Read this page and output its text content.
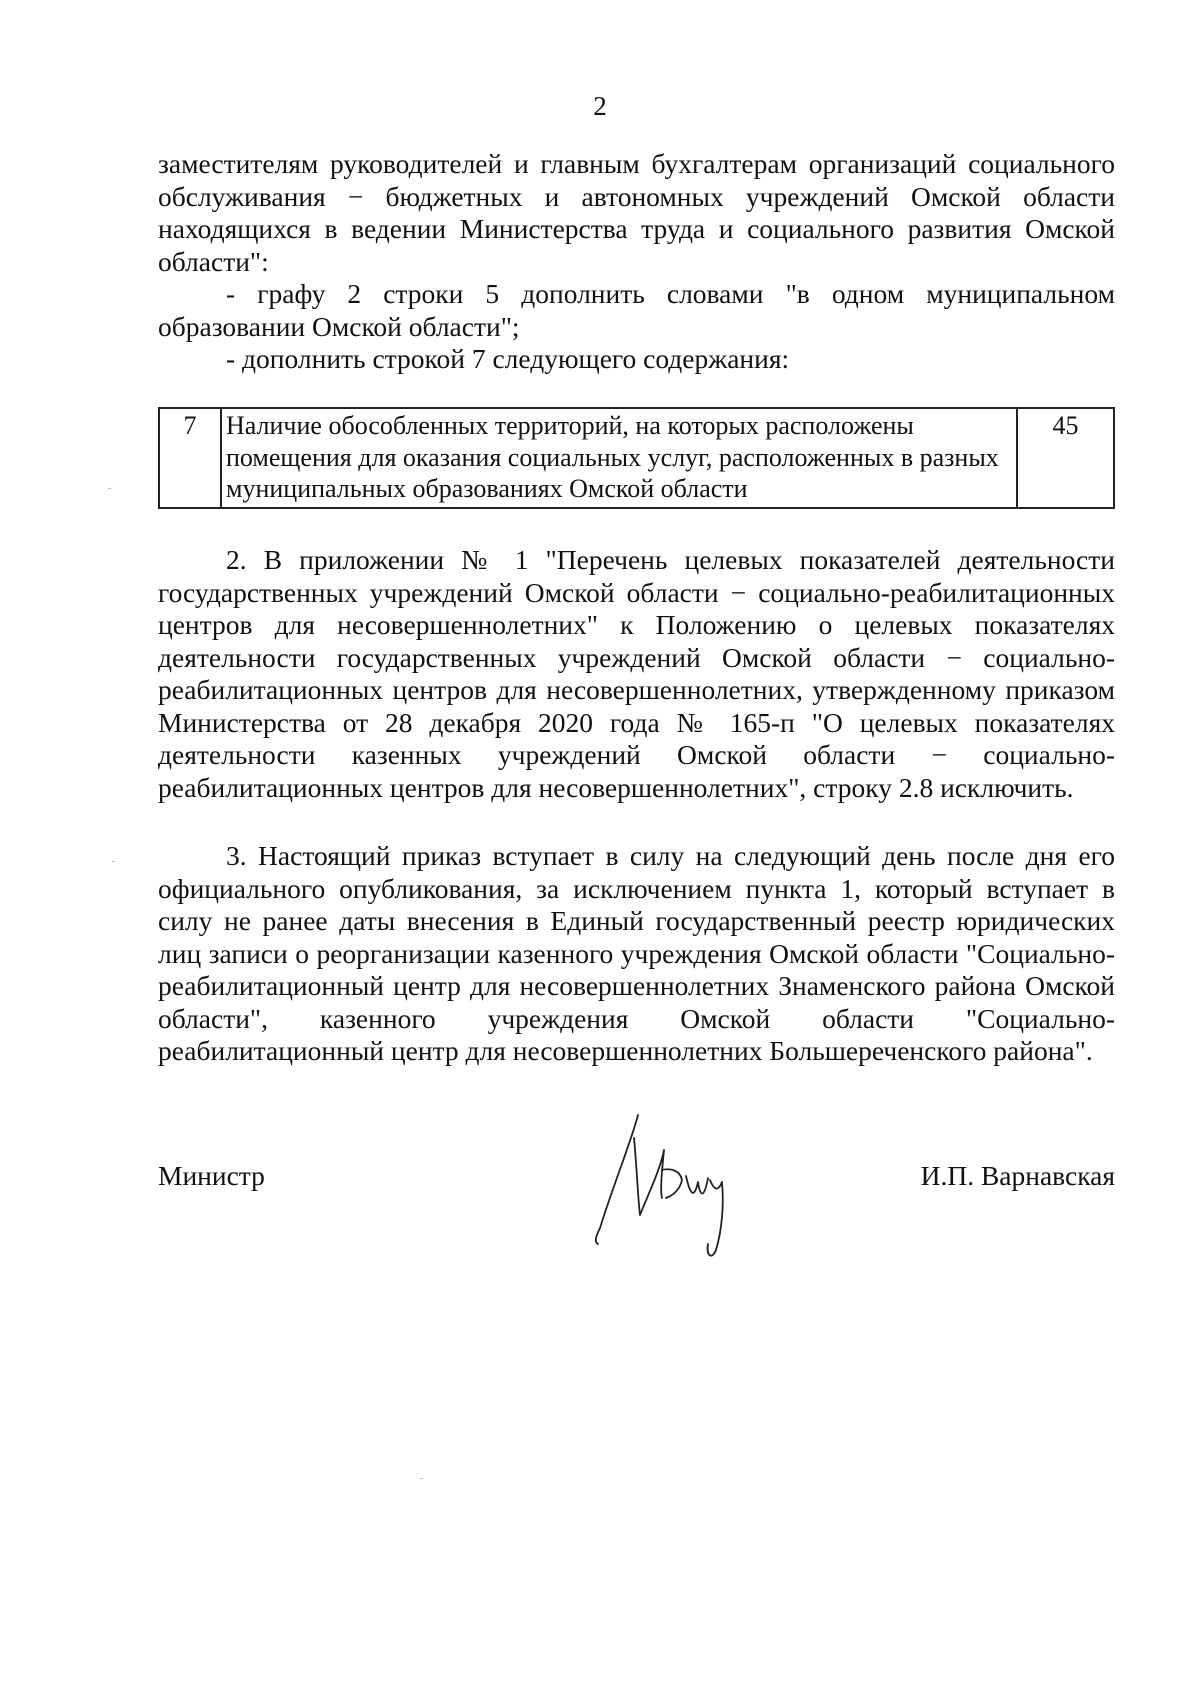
2

заместителям руководителей и главным бухгалтерам организаций социального обслуживания − бюджетных и автономных учреждений Омской области находящихся в ведении Министерства труда и социального развития Омской области":

- графу 2 строки 5 дополнить словами "в одном муниципальном образовании Омской области";

- дополнить строкой 7 следующего содержания:

7	Наличие обособленных территорий, на которых расположены помещения для оказания социальных услуг, расположенных в разных муниципальных образованиях Омской области	45

2. В приложении № 1 "Перечень целевых показателей деятельности государственных учреждений Омской области − социально-реабилитационных центров для несовершеннолетних" к Положению о целевых показателях деятельности государственных учреждений Омской области − социально-реабилитационных центров для несовершеннолетних, утвержденному приказом Министерства от 28 декабря 2020 года № 165-п "О целевых показателях деятельности казенных учреждений Омской области − социально-реабилитационных центров для несовершеннолетних", строку 2.8 исключить.

3. Настоящий приказ вступает в силу на следующий день после дня его официального опубликования, за исключением пункта 1, который вступает в силу не ранее даты внесения в Единый государственный реестр юридических лиц записи о реорганизации казенного учреждения Омской области "Социально-реабилитационный центр для несовершеннолетних Знаменского района Омской области", казенного учреждения Омской области "Социально-реабилитационный центр для несовершеннолетних Большереченского района".

Министр	И.П. Варнавская
